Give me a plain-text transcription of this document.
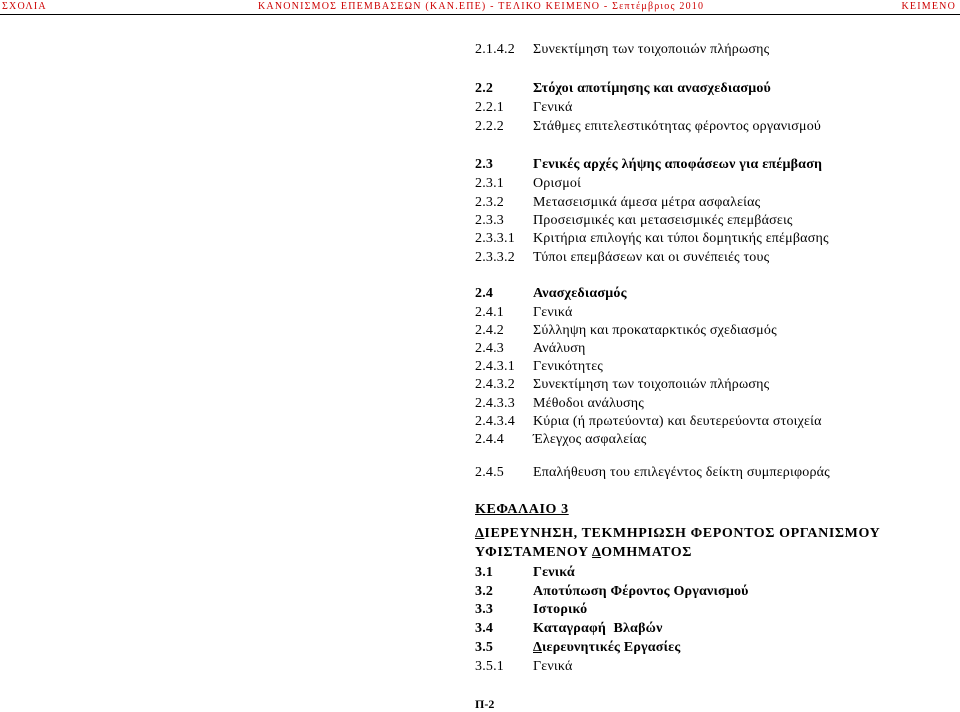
ΣΧΟΛΙΑ	ΚΑΝΟΝΙΣΜΟΣ ΕΠΕΜΒΑΣΕΩΝ (ΚΑΝ.ΕΠΕ) - ΤΕΛΙΚΟ ΚΕΙΜΕΝΟ - Σεπτέμβριος 2010	ΚΕΙΜΕΝΟ
2.1.4.2 Συνεκτίμηση των τοιχοποιιών πλήρωσης
2.2	Στόχοι αποτίμησης και ανασχεδιασμού
2.2.1 Γενικά
2.2.2 Στάθμες επιτελεστικότητας φέροντος οργανισμού
2.3	Γενικές αρχές λήψης αποφάσεων για επέμβαση
2.3.1 Ορισμοί
2.3.2 Μετασεισμικά άμεσα μέτρα ασφαλείας
2.3.3 Προσεισμικές και μετασεισμικές επεμβάσεις
2.3.3.1 Κριτήρια επιλογής και τύποι δομητικής επέμβασης
2.3.3.2 Τύποι επεμβάσεων και οι συνέπειές τους
2.4	Ανασχεδιασμός
2.4.1 Γενικά
2.4.2 Σύλληψη και προκαταρκτικός σχεδιασμός
2.4.3 Ανάλυση
2.4.3.1 Γενικότητες
2.4.3.2 Συνεκτίμηση των τοιχοποιιών πλήρωσης
2.4.3.3 Μέθοδοι ανάλυσης
2.4.3.4 Κύρια (ή πρωτεύοντα) και δευτερεύοντα στοιχεία
2.4.4 Έλεγχος ασφαλείας
2.4.5 Επαλήθευση του επιλεγέντος δείκτη συμπεριφοράς
ΚΕΦΑΛΑΙΟ 3
ΔΙΕΡΕΥΝΗΣΗ, ΤΕΚΜΗΡΙΩΣΗ ΦΕΡΟΝΤΟΣ ΟΡΓΑΝΙΣΜΟΥ
ΥΦΙΣΤΑΜΕΝΟΥ ΔΟΜΗΜΑΤΟΣ
3.1	Γενικά
3.2	Αποτύπωση Φέροντος Οργανισμού
3.3	Ιστορικό
3.4	Καταγραφή  Βλαβών
3.5	Διερευνητικές Εργασίες
3.5.1 Γενικά
Π-2
